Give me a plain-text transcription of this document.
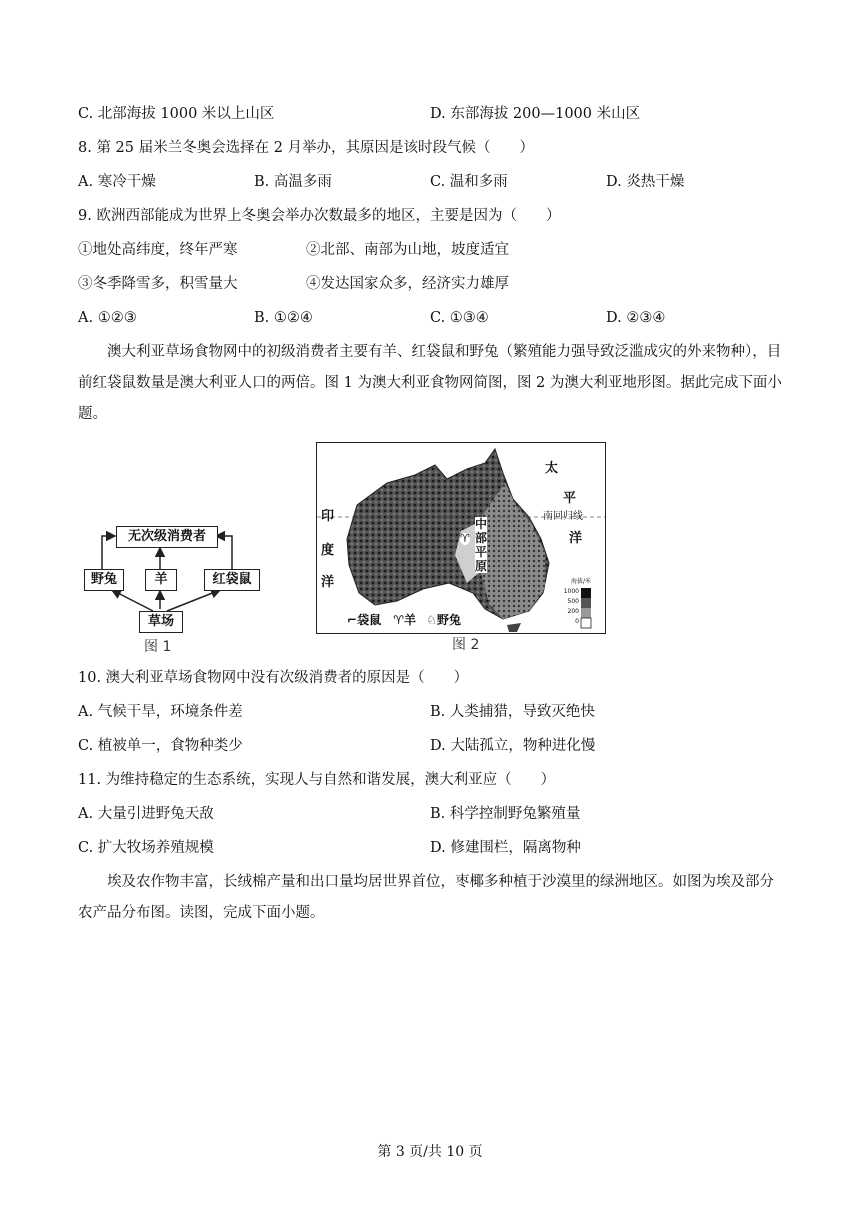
C. 北部海拔 1000 米以上山区	D. 东部海拔 200—1000 米山区
8. 第 25 届米兰冬奥会选择在 2 月举办，其原因是该时段气候（　　）
A. 寒冷干燥	B. 高温多雨	C. 温和多雨	D. 炎热干燥
9. 欧洲西部能成为世界上冬奥会举办次数最多的地区，主要是因为（　　）
①地处高纬度，终年严寒	②北部、南部为山地，坡度适宜
③冬季降雪多，积雪量大	④发达国家众多，经济实力雄厚
A. ①②③	B. ①②④	C. ①③④	D. ②③④
澳大利亚草场食物网中的初级消费者主要有羊、红袋鼠和野兔（繁殖能力强导致泛滥成灾的外来物种），目前红袋鼠数量是澳大利亚人口的两倍。图 1 为澳大利亚食物网简图，图 2 为澳大利亚地形图。据此完成下面小题。
无次级消费者
野兔	羊	红袋鼠
草场
图 1
太
平
洋
南回归线
印
度
洋
中
部
平
原
♈
⌐袋鼠 ♈羊 ♘野兔
海拔/米
1000
500
200
0
图 2
10. 澳大利亚草场食物网中没有次级消费者的原因是（　　）
A. 气候干旱，环境条件差	B. 人类捕猎，导致灭绝快
C. 植被单一，食物种类少	D. 大陆孤立，物种进化慢
11. 为维持稳定的生态系统，实现人与自然和谐发展，澳大利亚应（　　）
A. 大量引进野兔天敌	B. 科学控制野兔繁殖量
C. 扩大牧场养殖规模	D. 修建围栏，隔离物种
埃及农作物丰富，长绒棉产量和出口量均居世界首位，枣椰多种植于沙漠里的绿洲地区。如图为埃及部分农产品分布图。读图，完成下面小题。
第 3 页/共 10 页
